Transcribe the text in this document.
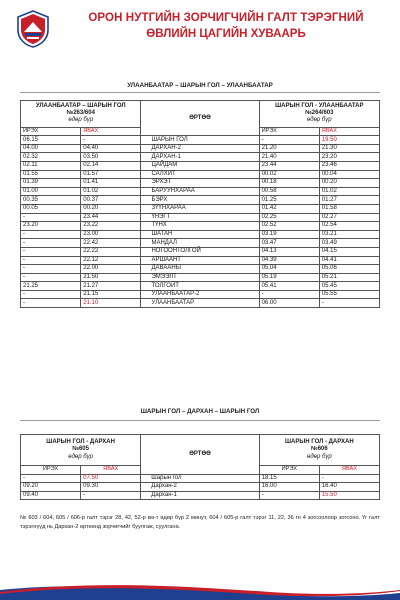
ОРОН НУТГИЙН ЗОРЧИГЧИЙН ГАЛТ ТЭРЭГНИЙ
ӨВЛИЙН ЦАГИЙН ХУВААРЬ
УЛААНБААТАР – ШАРЫН ГОЛ – УЛААНБААТАР
УЛААНБААТАР – ШАРЫН ГОЛ
№263/604
өдөр бүр		ӨРТӨӨ	ШАРЫН ГОЛ - УЛААНБААТАР
№264/603
өдөр бүр	
ИРЭХ	ЯВАХ		ИРЭХ	ЯВАХ
06.15	-	ШАРЫН ГОЛ	-	19.50
04.00	04.40	ДАРХАН-2	21.20	21.30
02.32	03.50	ДАРХАН-1	21.40	23.20
02.11	02.14	ЦАЙДАМ	23.44	23.46
01.55	01.57	САЛХИТ	00.02	00.04
01.39	01.41	ЭРХЭТ	00.18	00.20
01.00	01.02	БАРУУНХАРАА	00.58	01.02
00.35	00.37	БЭРХ	01.25	01.27
00.05	00.20	ЗҮҮНХАРАА	01.42	01.58
-	23.44	ҮНЭГТ	02.25	02.27
23.20	23.22	ТҮНХ	02.52	02.54
-	23.00	ШАТАН	03.19	03.21
-	22.42	МАНДАЛ	03.47	03.49
-	22.22	НОГООНТОЛГОЙ	04.13	04.15
-	22.12	АРШААНТ	04.39	04.41
-	22.00	ДАВААНЫ	05.04	05.06
-	21.50	ЭМЭЭЛТ	05.19	05.21
21.25	21.27	ТОЛГОЙТ	05.41	05.45
-	21.15	УЛААНБААТАР-2	-	05.55
-	21.10	УЛААНБААТАР	06.00	-
ШАРЫН ГОЛ – ДАРХАН – ШАРЫН ГОЛ
ШАРЫН ГОЛ - ДАРХАН
№605
өдөр бүр		ӨРТӨӨ	ШАРЫН ГОЛ - ДАРХАН
№606
өдөр бүр	
ИРЭХ	ЯВАХ		ИРЭХ	ЯВАХ
-	07.50	Шарын гол	18.15	-
09.20	09.30	Дархан-2	16.00	16.40
09.40	-	Дархан-1	-	15.50
№ 603 / 604, 605 / 606-р галт тэрэг 28, 42, 52-р км-т өдөр бүр 2 минут, 604 / 605-р галт тэрэг 11, 22, 36 гн 4 зогсоолоор зогсоно. Үг галт тэрэгнүүд нь Дархан-2 өртөөнд зорчигчийг буулгаж, суулгана.
